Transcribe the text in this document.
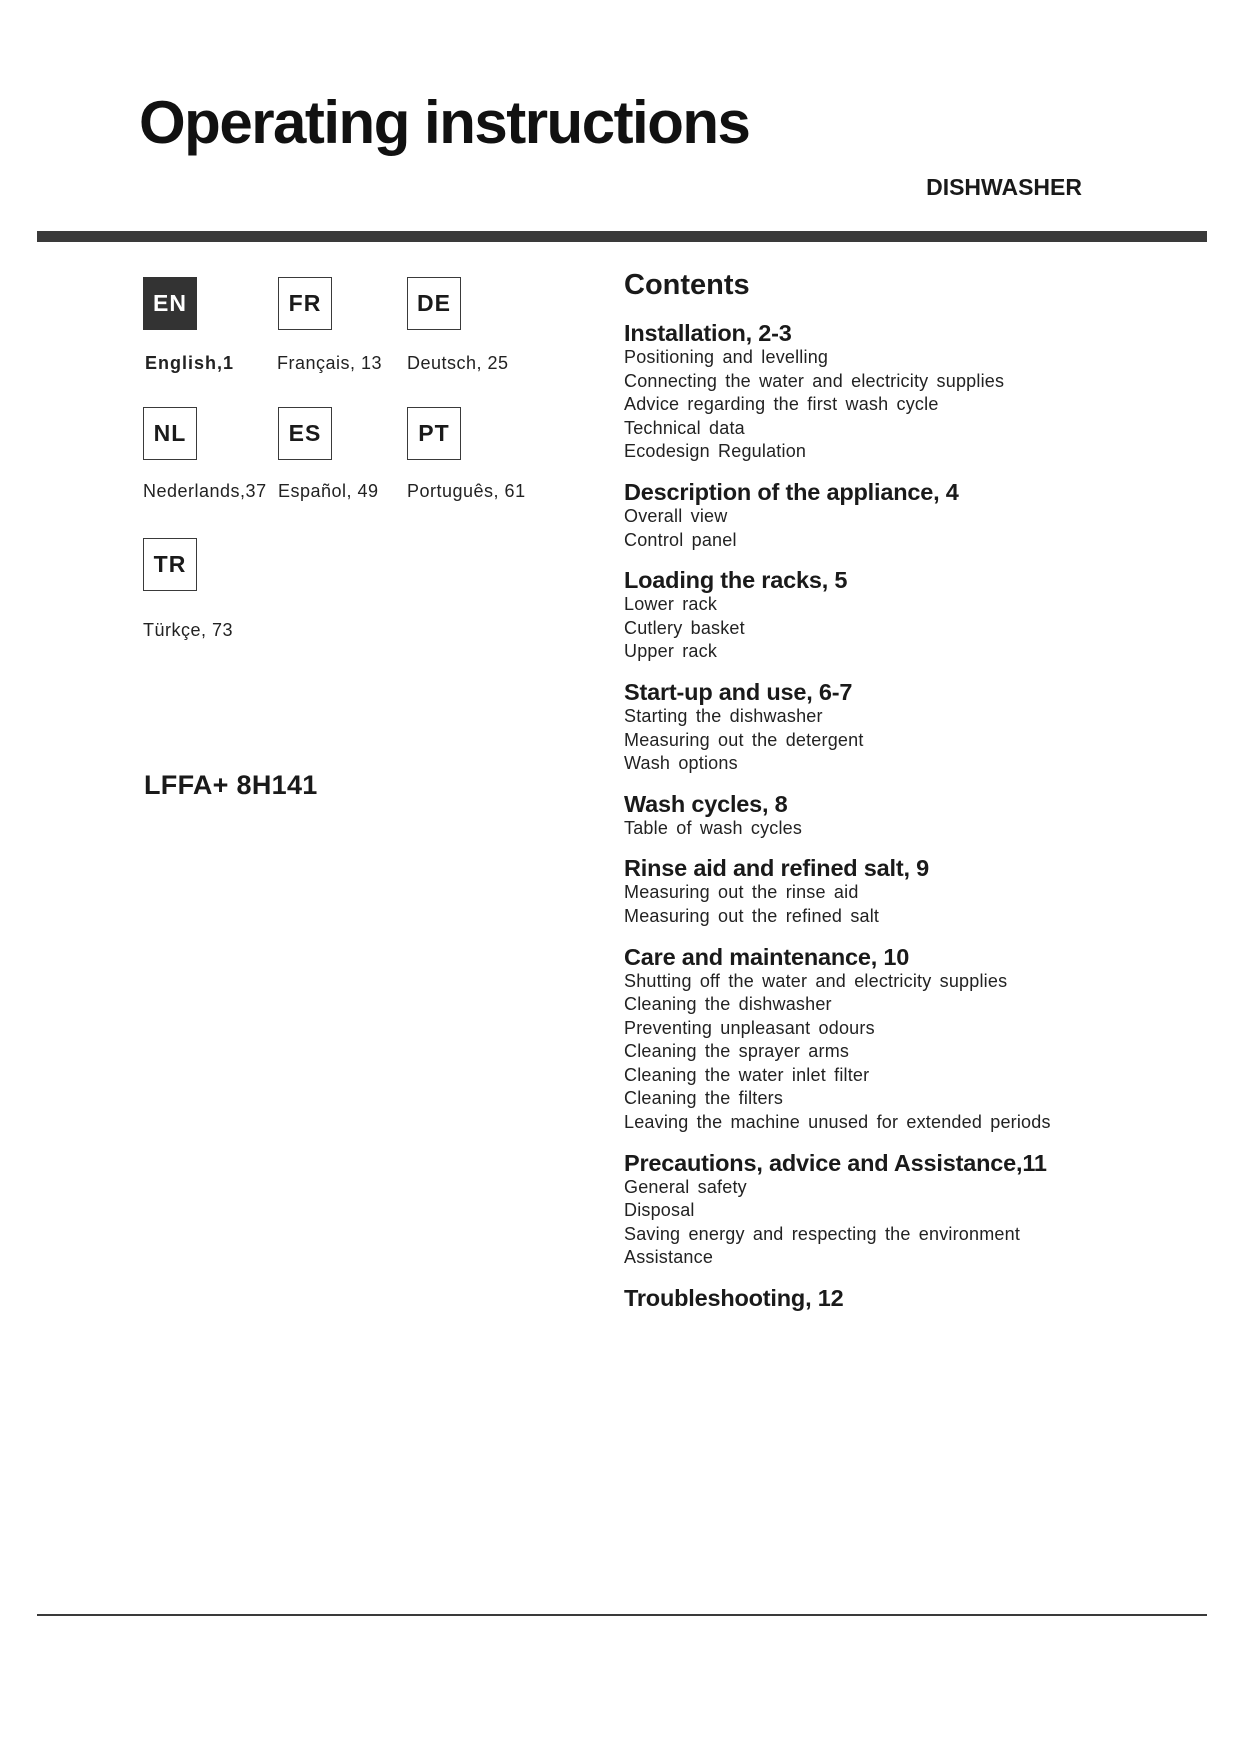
Operating instructions
DISHWASHER
EN	FR	DE
NL	ES	PT
TR
English,1 Français, 13 Deutsch, 25
Nederlands,37 Español, 49 Português, 61
Türkçe, 73
LFFA+ 8H141
Contents
Installation, 2-3
Positioning and levelling
Connecting the water and electricity supplies
Advice regarding the first wash cycle
Technical data
Ecodesign Regulation
Description of the appliance, 4
Overall view
Control panel
Loading the racks, 5
Lower rack
Cutlery basket
Upper rack
Start-up and use, 6-7
Starting the dishwasher
Measuring out the detergent
Wash options
Wash cycles, 8
Table of wash cycles
Rinse aid and refined salt, 9
Measuring out the rinse aid
Measuring out the refined salt
Care and maintenance, 10
Shutting off the water and electricity supplies
Cleaning the dishwasher
Preventing unpleasant odours
Cleaning the sprayer arms
Cleaning the water inlet filter
Cleaning the filters
Leaving the machine unused for extended periods
Precautions, advice and Assistance,11
General safety
Disposal
Saving energy and respecting the environment
Assistance
Troubleshooting, 12
